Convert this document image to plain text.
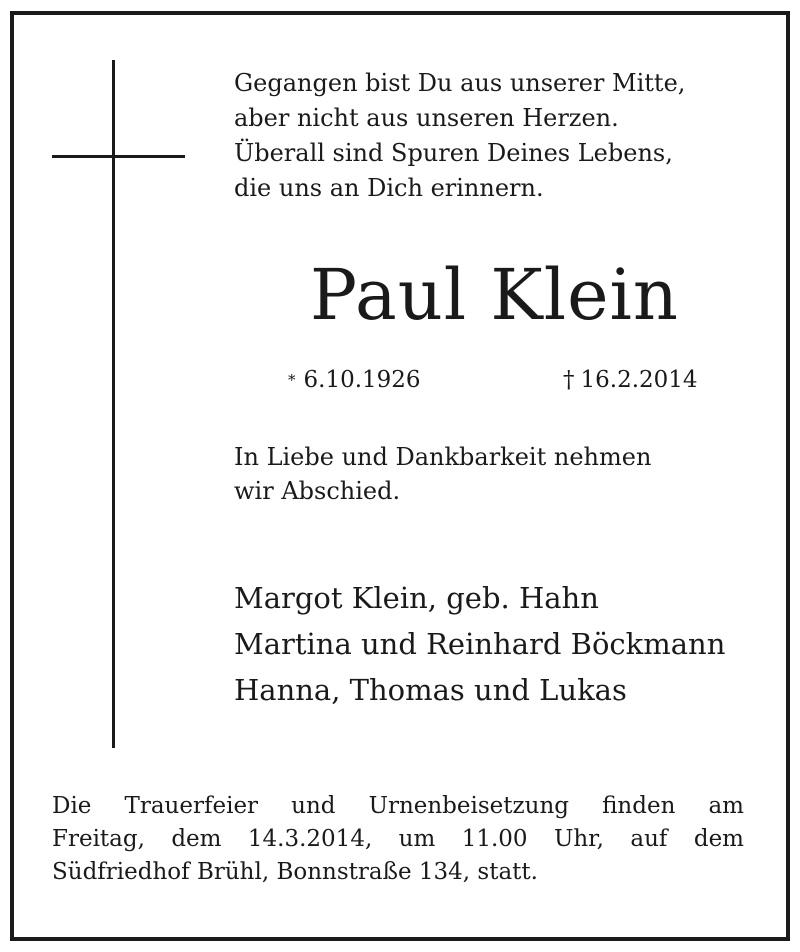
Gegangen bist Du aus unserer Mitte,
aber nicht aus unseren Herzen.
Überall sind Spuren Deines Lebens,
die uns an Dich erinnern.
Paul Klein
* 6.10.1926	† 16.2.2014
In Liebe und Dankbarkeit nehmen
wir Abschied.
Margot Klein, geb. Hahn
Martina und Reinhard Böckmann
Hanna, Thomas und Lukas
Die Trauerfeier und Urnenbeisetzung finden am
Freitag, dem 14.3.2014, um 11.00 Uhr, auf dem
Südfriedhof Brühl, Bonnstraße 134, statt.
